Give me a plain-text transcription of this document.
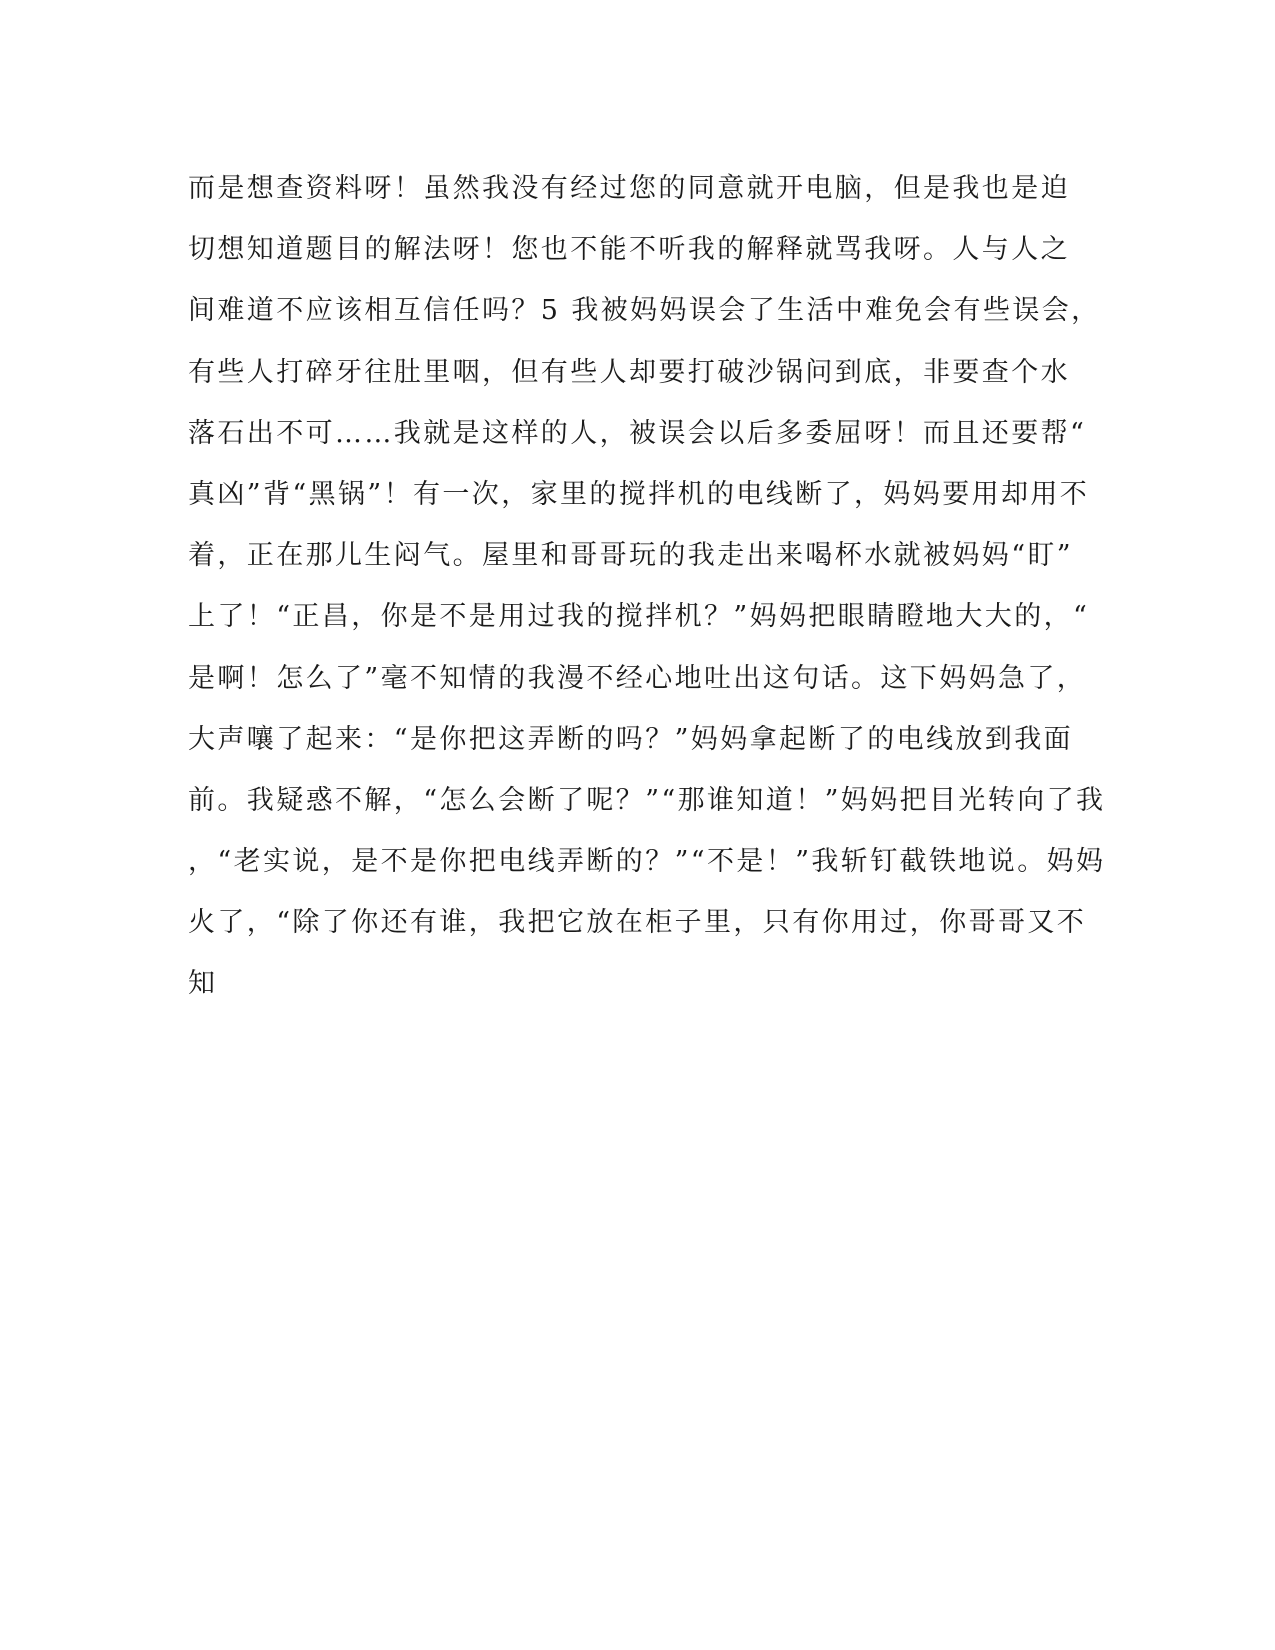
而是想查资料呀！虽然我没有经过您的同意就开电脑，但是我也是迫
切想知道题目的解法呀！您也不能不听我的解释就骂我呀。人与人之
间难道不应该相互信任吗？5 我被妈妈误会了生活中难免会有些误会，
有些人打碎牙往肚里咽，但有些人却要打破沙锅问到底，非要查个水
落石出不可……我就是这样的人，被误会以后多委屈呀！而且还要帮“
真凶”背“黑锅”！有一次，家里的搅拌机的电线断了，妈妈要用却用不
着，正在那儿生闷气。屋里和哥哥玩的我走出来喝杯水就被妈妈“盯”
上了！“正昌，你是不是用过我的搅拌机？”妈妈把眼睛瞪地大大的，“
是啊！怎么了”毫不知情的我漫不经心地吐出这句话。这下妈妈急了，
大声嚷了起来：“是你把这弄断的吗？”妈妈拿起断了的电线放到我面
前。我疑惑不解，“怎么会断了呢？”“那谁知道！”妈妈把目光转向了我
，“老实说，是不是你把电线弄断的？”“不是！”我斩钉截铁地说。妈妈
火了，“除了你还有谁，我把它放在柜子里，只有你用过，你哥哥又不
知
